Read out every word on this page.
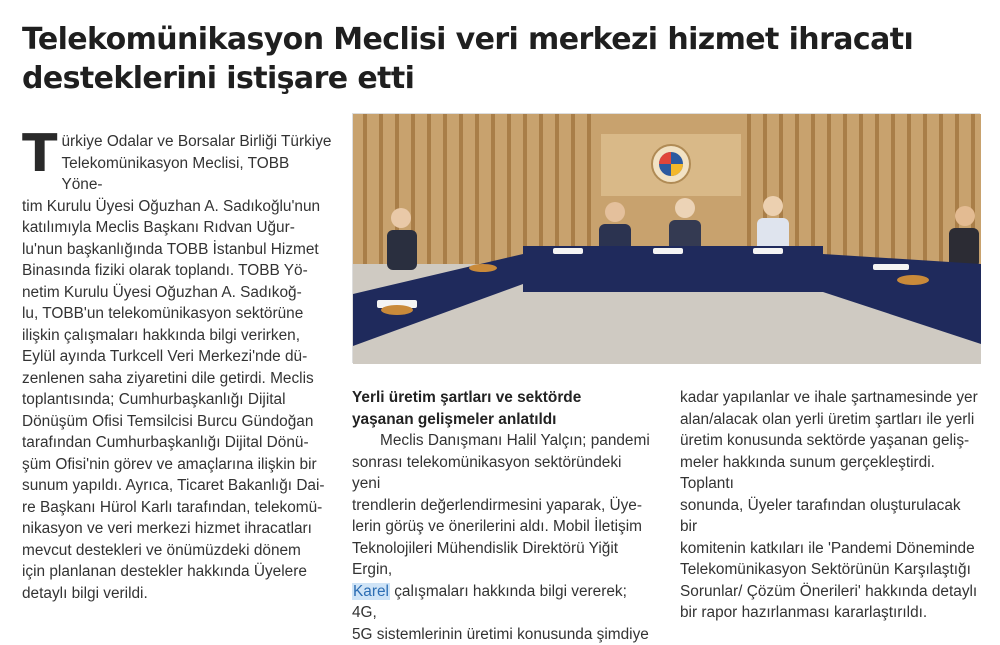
Telekomünikasyon Meclisi veri merkezi hizmet ihracatı
desteklerini istişare etti
T ürkiye Odalar ve Borsalar Birliği Türkiye
Telekomünikasyon Meclisi, TOBB Yöne-
tim Kurulu Üyesi Oğuzhan A. Sadıkoğlu'nun
katılımıyla Meclis Başkanı Rıdvan Uğur-
lu'nun başkanlığında TOBB İstanbul Hizmet
Binasında fiziki olarak toplandı. TOBB Yö-
netim Kurulu Üyesi Oğuzhan A. Sadıkoğ-
lu, TOBB'un telekomünikasyon sektörüne
ilişkin çalışmaları hakkında bilgi verirken,
Eylül ayında Turkcell Veri Merkezi'nde dü-
zenlenen saha ziyaretini dile getirdi. Meclis
toplantısında; Cumhurbaşkanlığı Dijital
Dönüşüm Ofisi Temsilcisi Burcu Gündoğan
tarafından Cumhurbaşkanlığı Dijital Dönü-
şüm Ofisi'nin görev ve amaçlarına ilişkin bir
sunum yapıldı. Ayrıca, Ticaret Bakanlığı Dai-
re Başkanı Hürol Karlı tarafından, telekomü-
nikasyon ve veri merkezi hizmet ihracatları
mevcut destekleri ve önümüzdeki dönem
için planlanan destekler hakkında Üyelere
detaylı bilgi verildi.

Yerli üretim şartları ve sektörde
yaşanan gelişmeler anlatıldı

Meclis Danışmanı Halil Yalçın; pandemi
sonrası telekomünikasyon sektöründeki yeni
trendlerin değerlendirmesini yaparak, Üye-
lerin görüş ve önerilerini aldı. Mobil İletişim
Teknolojileri Mühendislik Direktörü Yiğit Ergin,
Karel çalışmaları hakkında bilgi vererek; 4G,
5G sistemlerinin üretimi konusunda şimdiye

kadar yapılanlar ve ihale şartnamesinde yer
alan/alacak olan yerli üretim şartları ile yerli
üretim konusunda sektörde yaşanan geliş-
meler hakkında sunum gerçekleştirdi. Toplantı
sonunda, Üyeler tarafından oluşturulacak bir
komitenin katkıları ile 'Pandemi Döneminde
Telekomünikasyon Sektörünün Karşılaştığı
Sorunlar/ Çözüm Önerileri' hakkında detaylı
bir rapor hazırlanması kararlaştırıldı.
